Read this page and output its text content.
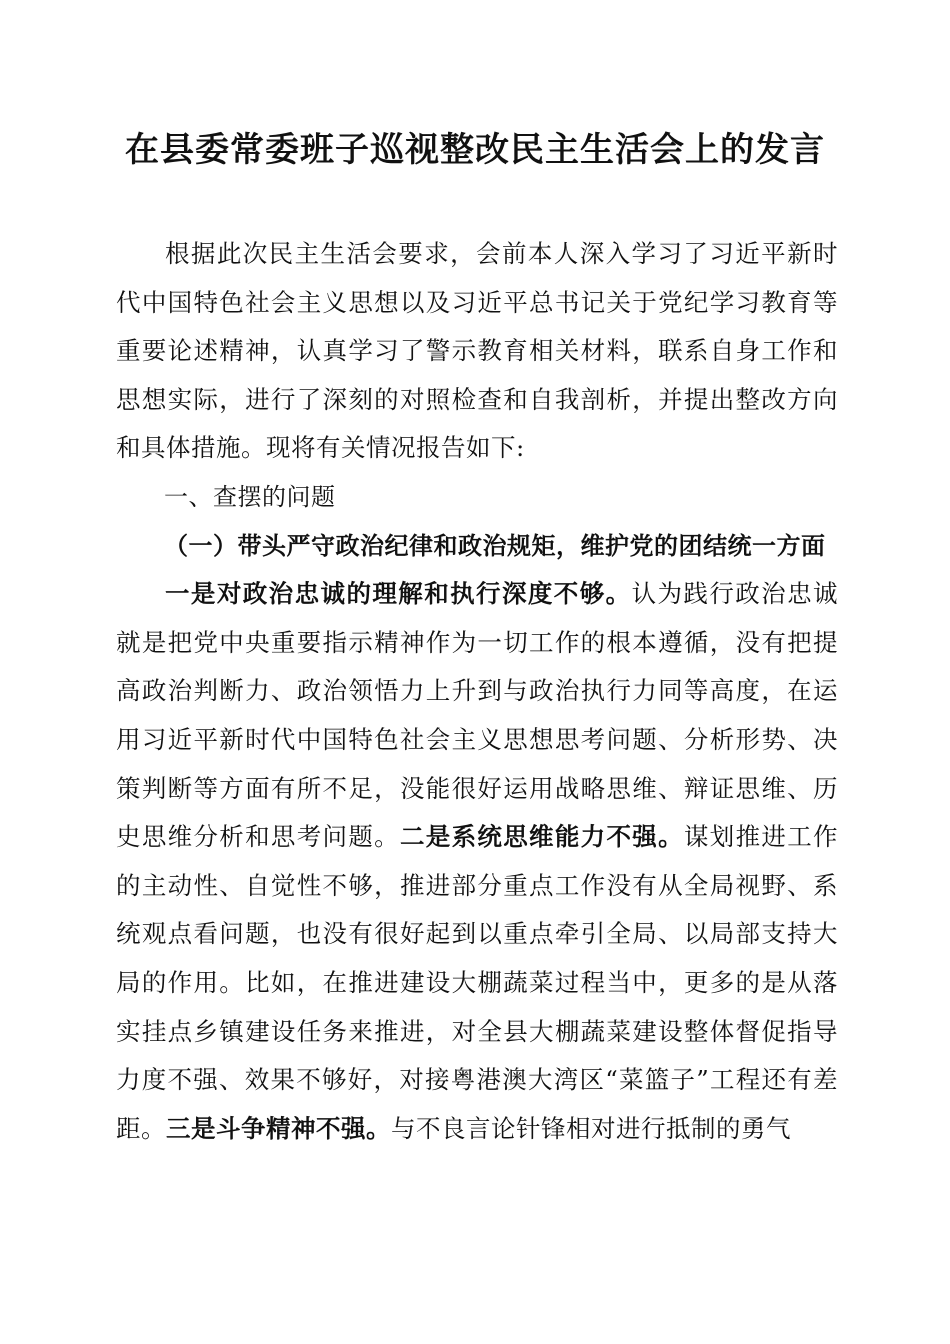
在县委常委班子巡视整改民主生活会上的发言

根据此次民主生活会要求，会前本人深入学习了习近平新时代中国特色社会主义思想以及习近平总书记关于党纪学习教育等重要论述精神，认真学习了警示教育相关材料，联系自身工作和思想实际，进行了深刻的对照检查和自我剖析，并提出整改方向和具体措施。现将有关情况报告如下:

一、查摆的问题

（一）带头严守政治纪律和政治规矩，维护党的团结统一方面

一是对政治忠诚的理解和执行深度不够。认为践行政治忠诚就是把党中央重要指示精神作为一切工作的根本遵循，没有把提高政治判断力、政治领悟力上升到与政治执行力同等高度，在运用习近平新时代中国特色社会主义思想思考问题、分析形势、决策判断等方面有所不足，没能很好运用战略思维、辩证思维、历史思维分析和思考问题。二是系统思维能力不强。谋划推进工作的主动性、自觉性不够，推进部分重点工作没有从全局视野、系统观点看问题，也没有很好起到以重点牵引全局、以局部支持大局的作用。比如，在推进建设大棚蔬菜过程当中，更多的是从落实挂点乡镇建设任务来推进，对全县大棚蔬菜建设整体督促指导力度不强、效果不够好，对接粤港澳大湾区“菜篮子”工程还有差距。三是斗争精神不强。与不良言论针锋相对进行抵制的勇气
